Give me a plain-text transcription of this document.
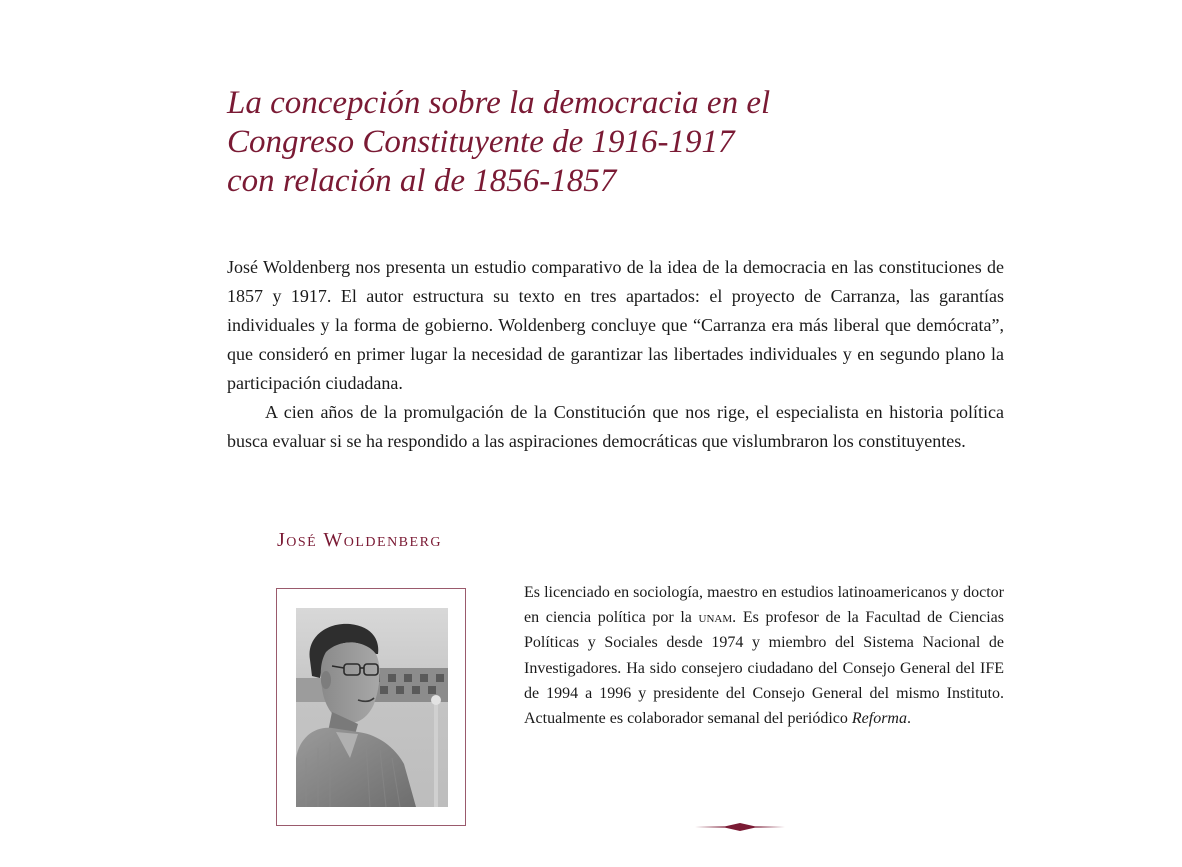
La concepción sobre la democracia en el
Congreso Constituyente de 1916-1917
con relación al de 1856-1857

José Woldenberg nos presenta un estudio comparativo de la idea de la democracia en las constituciones de 1857 y 1917. El autor estructura su texto en tres apartados: el proyecto de Carranza, las garantías individuales y la forma de gobierno. Woldenberg concluye que “Carranza era más liberal que demócrata”, que consideró en primer lugar la necesidad de garantizar las libertades individuales y en segundo plano la participación ciudadana.

A cien años de la promulgación de la Constitución que nos rige, el especialista en historia política busca evaluar si se ha respondido a las aspiraciones democráticas que vislumbraron los constituyentes.

José Woldenberg
Es licenciado en sociología, maestro en estudios latinoamericanos y doctor en ciencia política por la unam. Es profesor de la Facultad de Ciencias Políticas y Sociales desde 1974 y miembro del Sistema Nacional de Investigadores. Ha sido consejero ciudadano del Consejo General del IFE de 1994 a 1996 y presidente del Consejo General del mismo Instituto. Actualmente es colaborador semanal del periódico Reforma.
